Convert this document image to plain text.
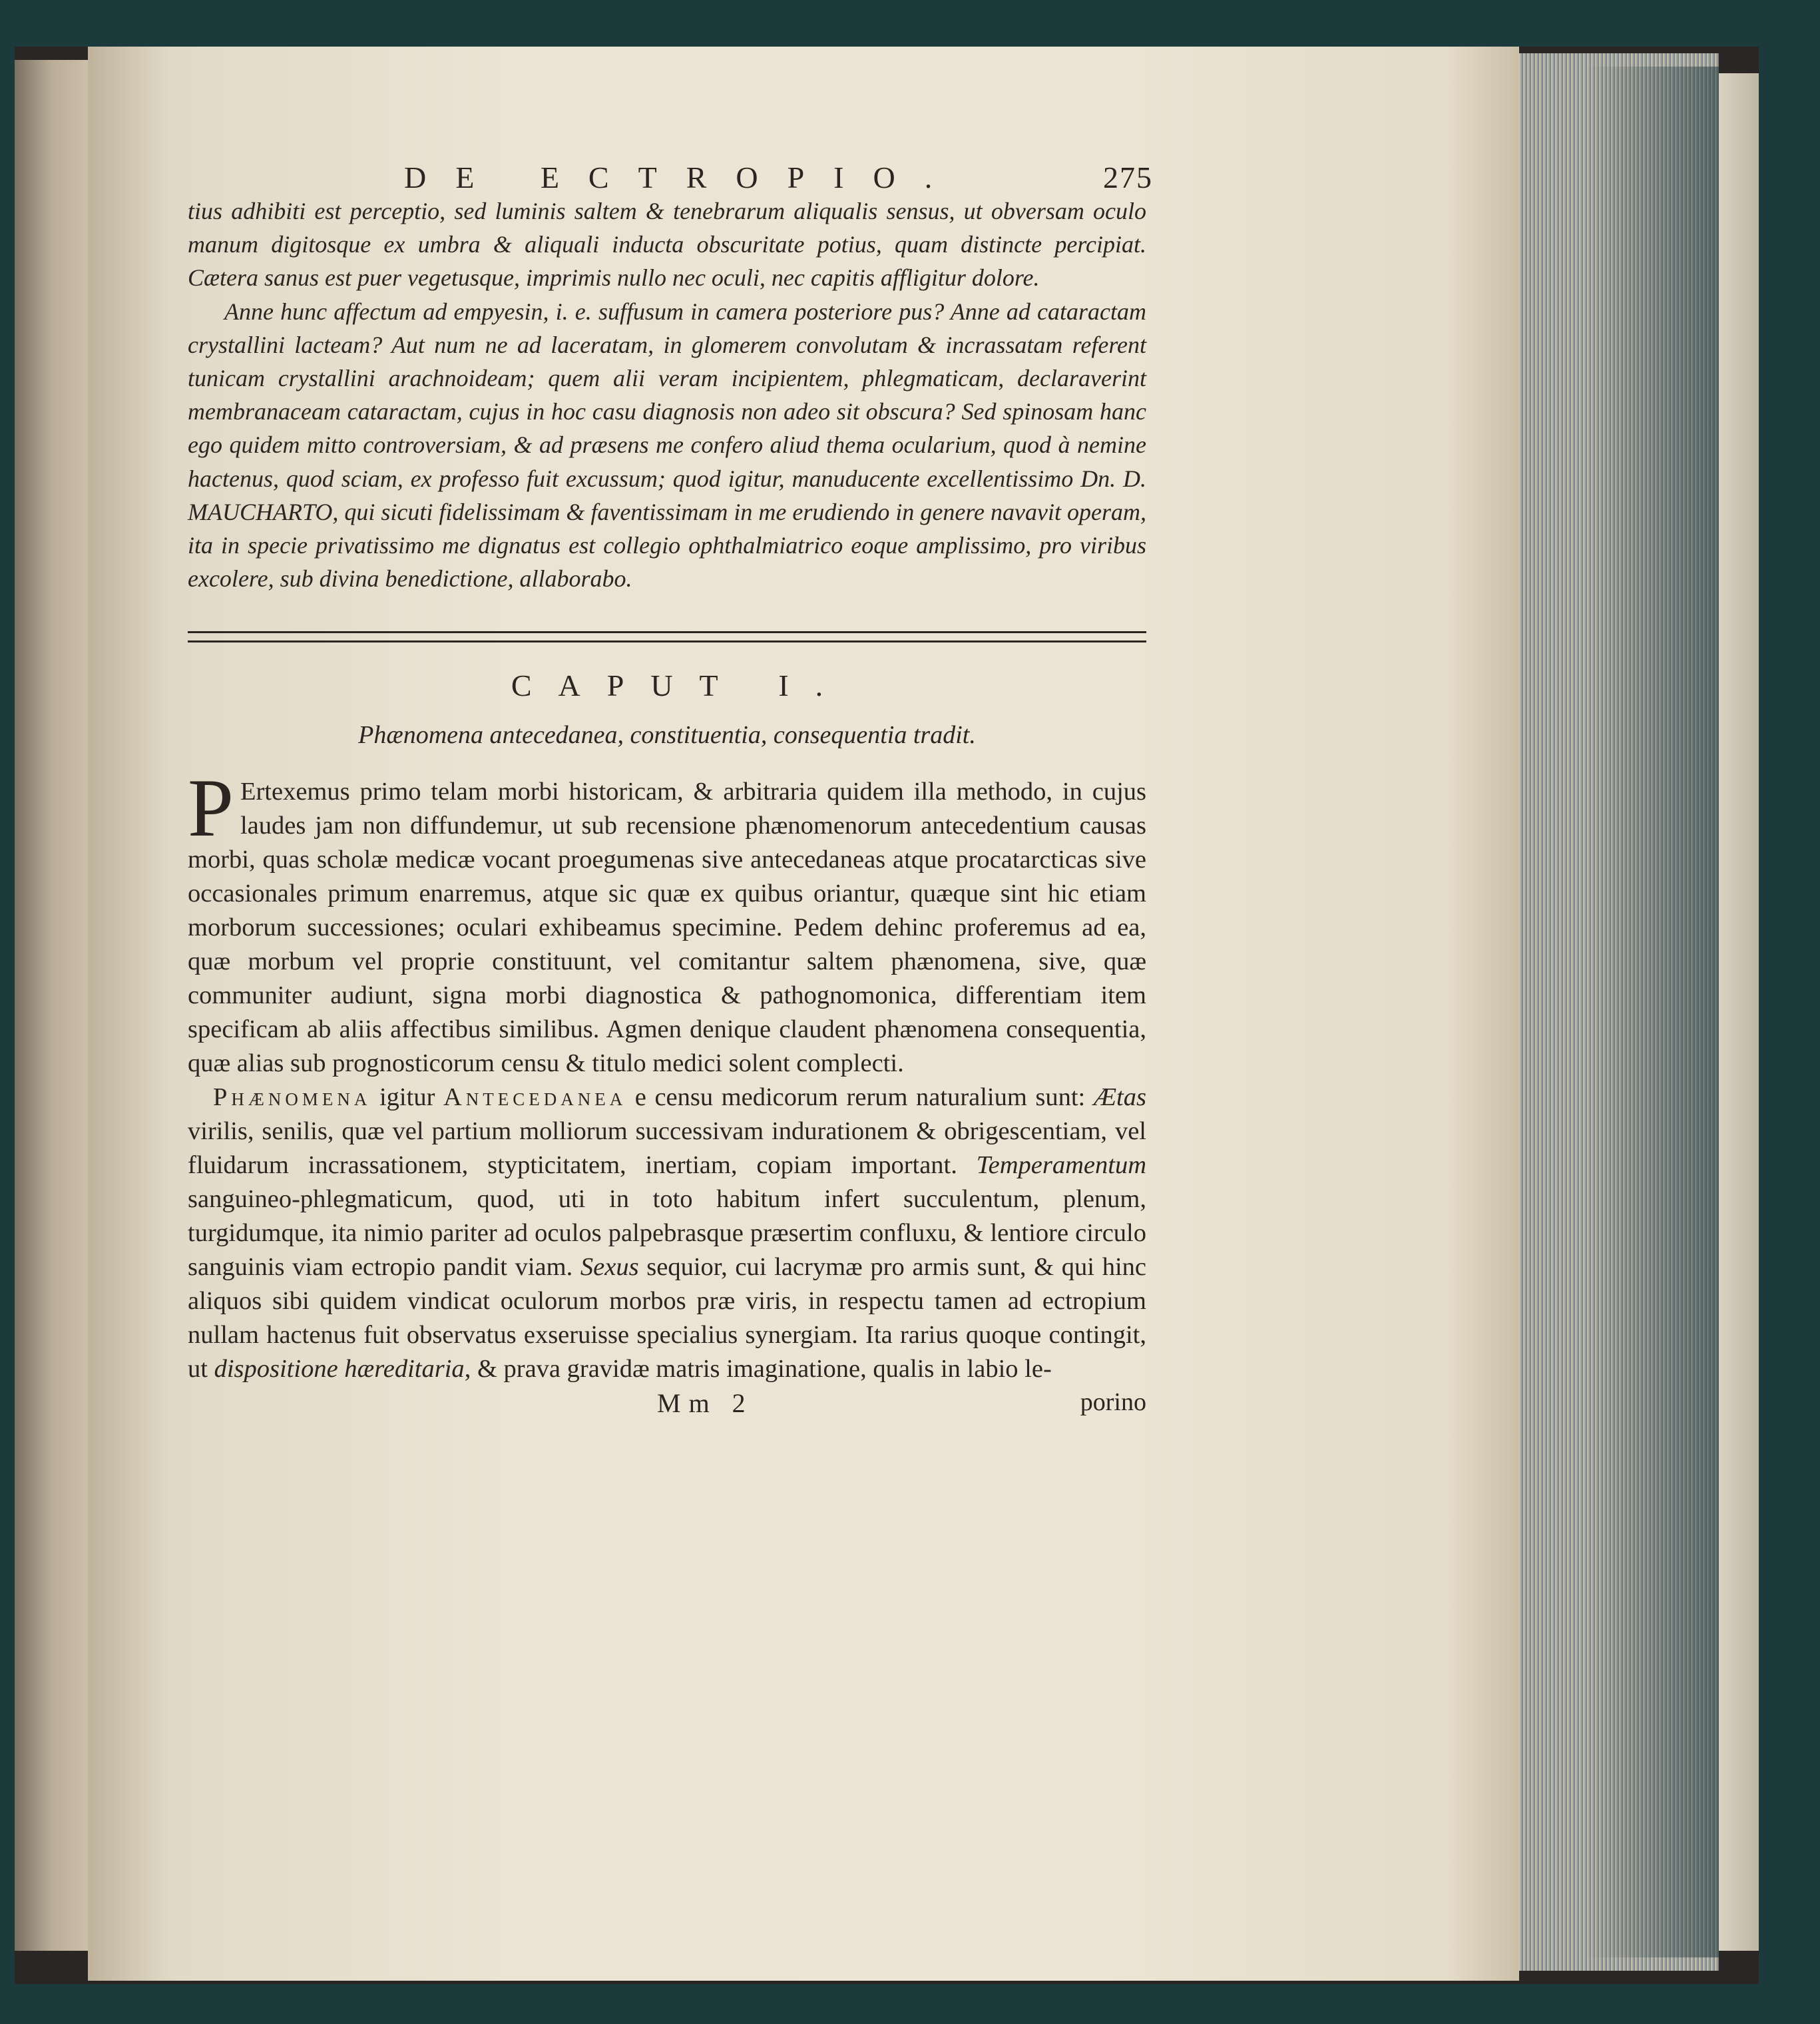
DE ECTROPIO.	275

tius adhibiti est perceptio, sed luminis saltem & tenebrarum aliqualis sensus, ut obversam oculo manum digitosque ex umbra & aliquali inducta obscuritate potius, quam distincte percipiat. Cætera sanus est puer vegetusque, imprimis nullo nec oculi, nec capitis affligitur dolore.

Anne hunc affectum ad empyesin, i. e. suffusum in camera posteriore pus? Anne ad cataractam crystallini lacteam? Aut num ne ad laceratam, in glomerem convolutam & incrassatam referent tunicam crystallini arachnoideam; quem alii veram incipientem, phlegmaticam, declaraverint membranaceam cataractam, cujus in hoc casu diagnosis non adeo sit obscura? Sed spinosam hanc ego quidem mitto controversiam, & ad præsens me confero aliud thema ocularium, quod à nemine hactenus, quod sciam, ex professo fuit excussum; quod igitur, manuducente excellentissimo Dn. D. MAUCHARTO, qui sicuti fidelissimam & faventissimam in me erudiendo in genere navavit operam, ita in specie privatissimo me dignatus est collegio ophthalmiatrico eoque amplissimo, pro viribus excolere, sub divina benedictione, allaborabo.

CAPUT I.
Phænomena antecedanea, constituentia, consequentia tradit.

P Ertexemus primo telam morbi historicam, & arbitraria quidem illa methodo, in cujus laudes jam non diffundemur, ut sub recensione phænomenorum antecedentium causas morbi, quas scholæ medicæ vocant proegumenas sive antecedaneas atque procatarcticas sive occasionales primum enarremus, atque sic quæ ex quibus oriantur, quæque sint hic etiam morborum successiones; oculari exhibeamus specimine. Pedem dehinc proferemus ad ea, quæ morbum vel proprie constituunt, vel comitantur saltem phænomena, sive, quæ communiter audiunt, signa morbi diagnostica & pathognomonica, differentiam item specificam ab aliis affectibus similibus. Agmen denique claudent phænomena consequentia, quæ alias sub prognosticorum censu & titulo medici solent complecti.

Phænomena igitur Antecedanea e censu medicorum rerum naturalium sunt: Ætas virilis, senilis, quæ vel partium molliorum successivam indurationem & obrigescentiam, vel fluidarum incrassationem, stypticitatem, inertiam, copiam important. Temperamentum sanguineo-phlegmaticum, quod, uti in toto habitum infert succulentum, plenum, turgidumque, ita nimio pariter ad oculos palpebrasque præsertim confluxu, & lentiore circulo sanguinis viam ectropio pandit viam. Sexus sequior, cui lacrymæ pro armis sunt, & qui hinc aliquos sibi quidem vindicat oculorum morbos præ viris, in respectu tamen ad ectropium nullam hactenus fuit observatus exseruisse specialius synergiam. Ita rarius quoque contingit, ut dispositione hæreditaria, & prava gravidæ matris imaginatione, qualis in labio le-

Mm 2	porino
